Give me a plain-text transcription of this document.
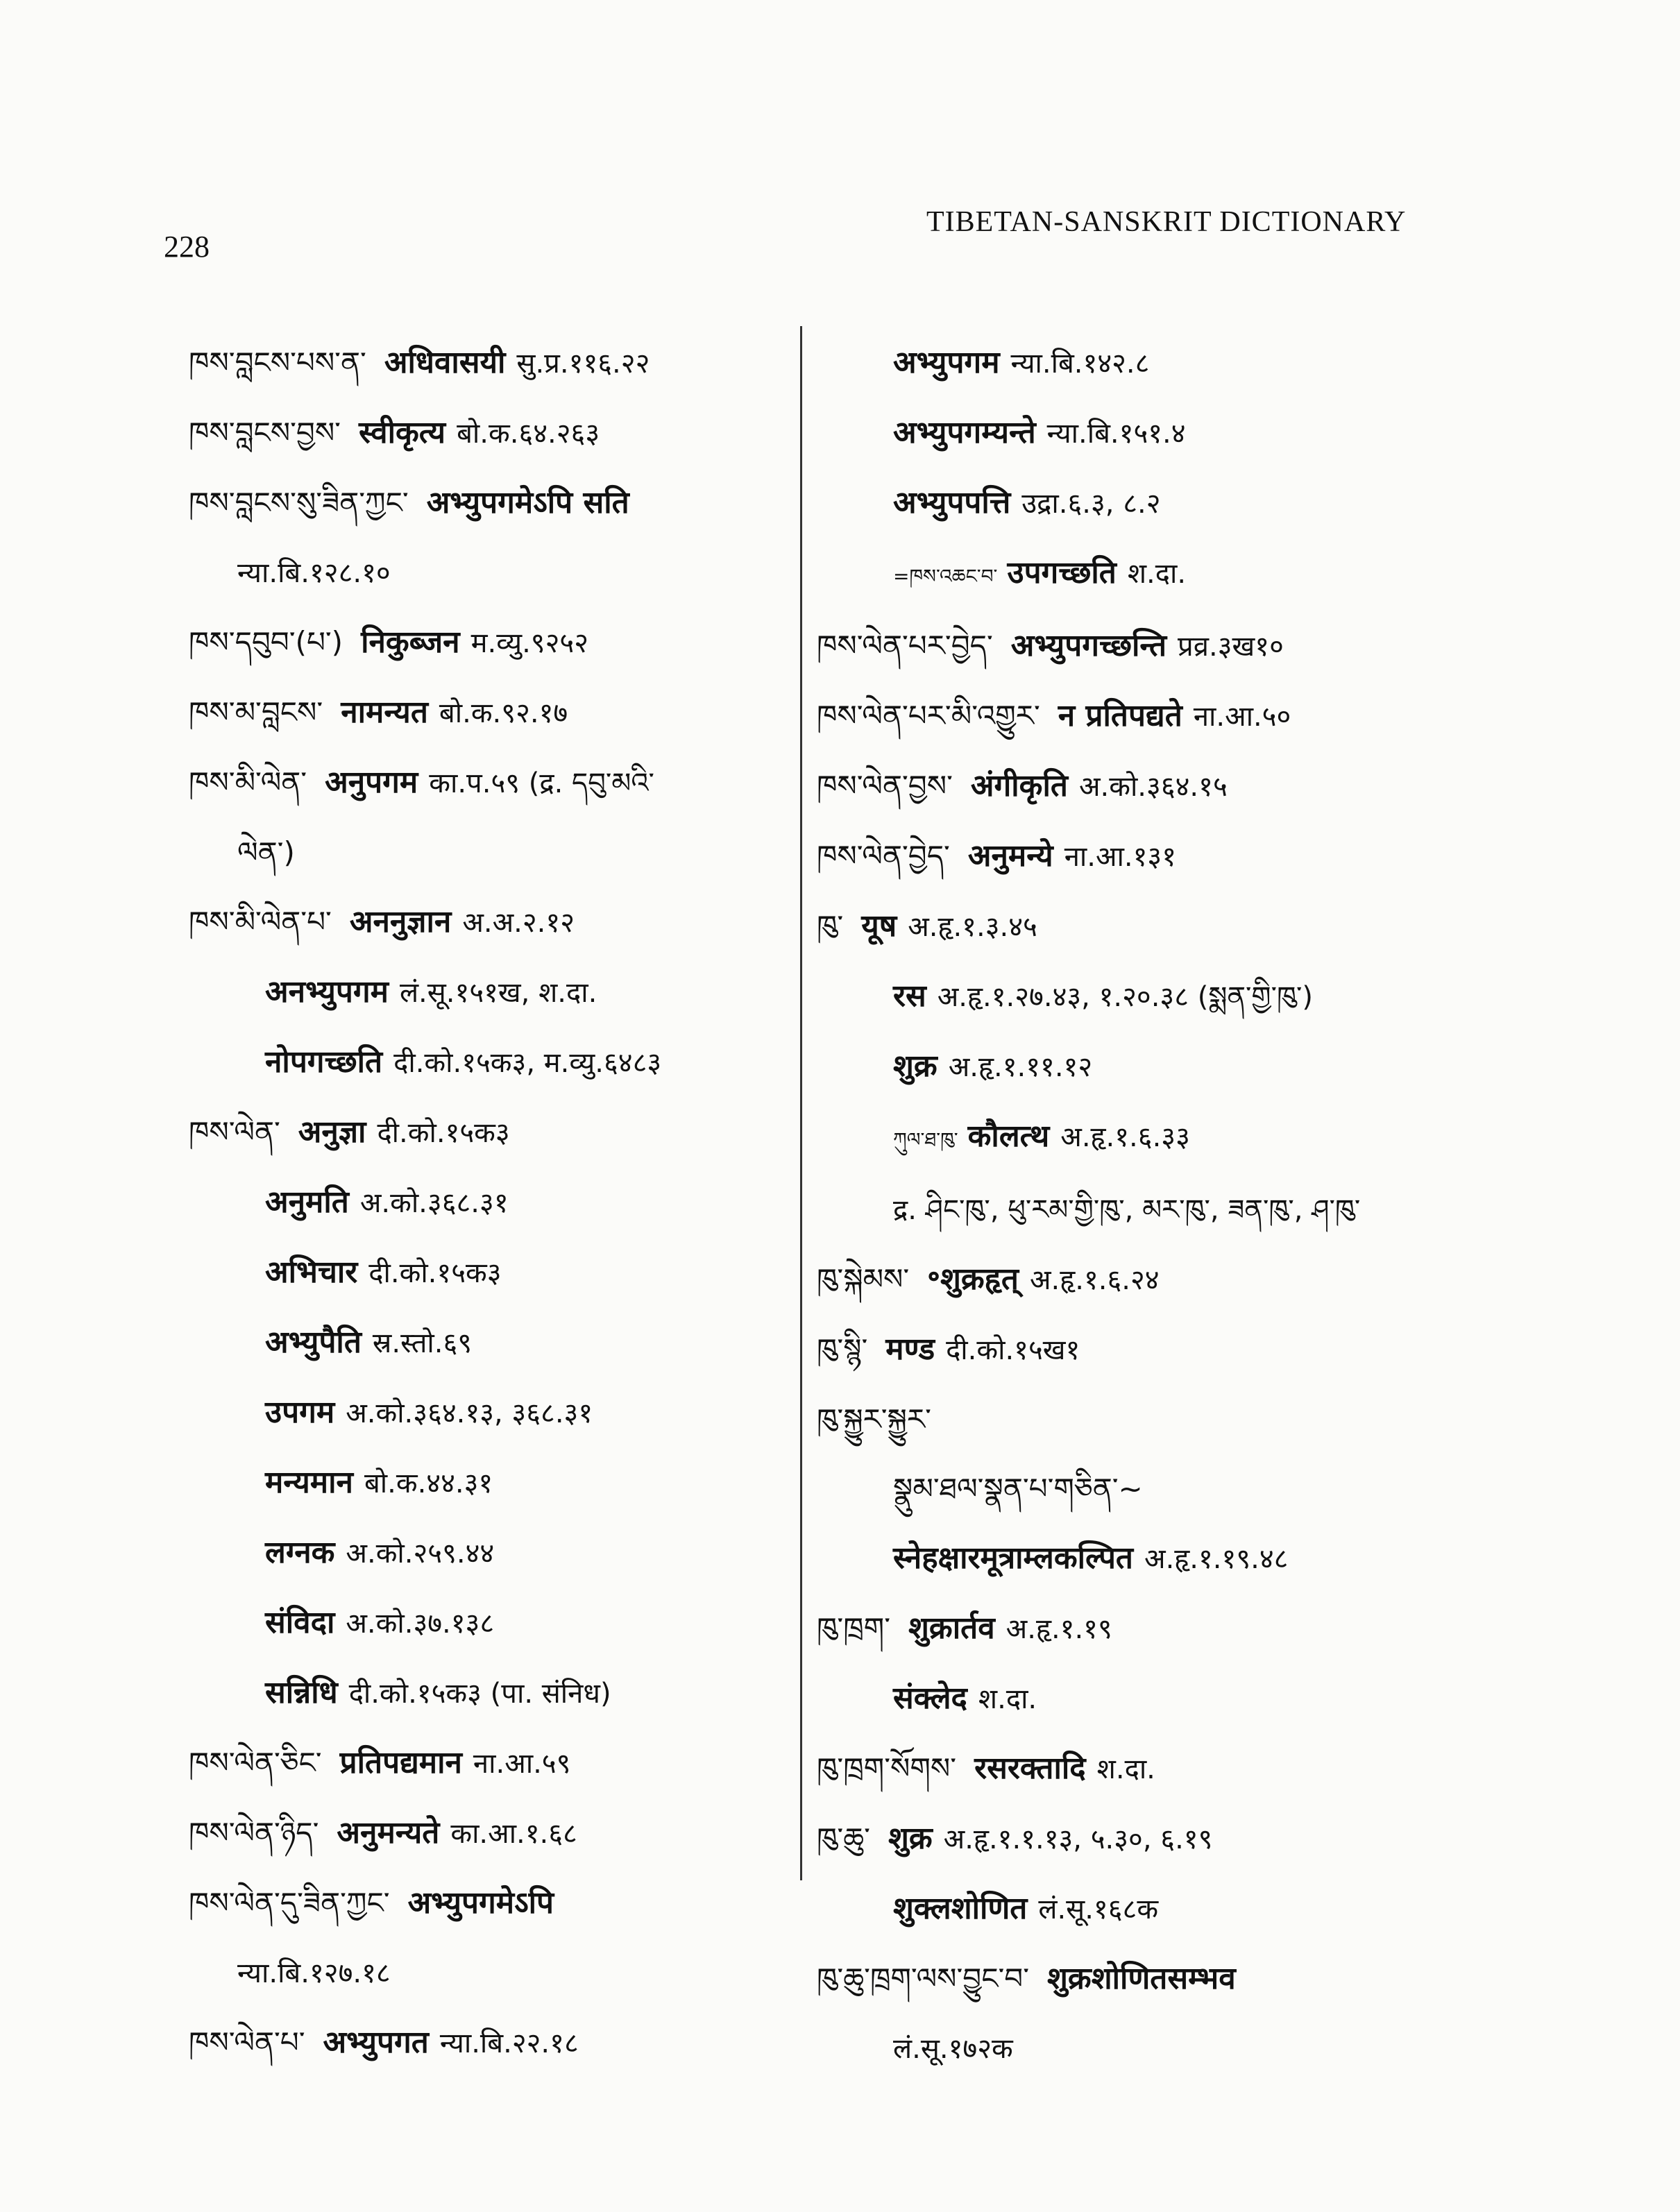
228
TIBETAN-SANSKRIT DICTIONARY
ཁས་བླངས་པས་ན་ अधिवासयी सु.प्र.११६.२२
ཁས་བླངས་བྱས་ स्वीकृत्य बो.क.६४.२६३
ཁས་བླངས་སུ་ཟིན་ཀྱང་ अभ्युपगमेऽपि सति
न्या.बि.१२८.१०
ཁས་དབུབ་(པ་) निकुब्जन म.व्यु.९२५२
ཁས་མ་བླངས་ नामन्यत बो.क.९२.१७
ཁས་མི་ལེན་ अनुपगम का.प.५९ (द्र. དབུ་མའི་
ལེན་)
ཁས་མི་ལེན་པ་ अननुज्ञान अ.अ.२.१२
अनभ्युपगम लं.सू.१५१ख, श.दा.
नोपगच्छति दी.को.१५क३, म.व्यु.६४८३
ཁས་ལེན་ अनुज्ञा दी.को.१५क३
अनुमति अ.को.३६८.३१
अभिचार दी.को.१५क३
अभ्युपैति स्र.स्तो.६९
उपगम अ.को.३६४.१३, ३६८.३१
मन्यमान बो.क.४४.३१
लग्नक अ.को.२५९.४४
संविदा अ.को.३७.१३८
सन्निधि दी.को.१५क३ (पा. संनिध)
ཁས་ལེན་ཅིང་ प्रतिपद्यमान ना.आ.५९
ཁས་ལེན་ཉིད་ अनुमन्यते का.आ.१.६८
ཁས་ལེན་དུ་ཟིན་ཀྱང་ अभ्युपगमेऽपि
न्या.बि.१२७.१८
ཁས་ལེན་པ་ अभ्युपगत न्या.बि.२२.१८
अभ्युपगम न्या.बि.१४२.८
अभ्युपगम्यन्ते न्या.बि.१५१.४
अभ्युपपत्ति उद्रा.६.३, ८.२
=ཁས་འཆང་བ་ उपगच्छति श.दा.
ཁས་ལེན་པར་བྱེད་ अभ्युपगच्छन्ति प्रव्र.३ख१०
ཁས་ལེན་པར་མི་འགྱུར་ न प्रतिपद्यते ना.आ.५०
ཁས་ལེན་བྱས་ अंगीकृति अ.को.३६४.१५
ཁས་ལེན་བྱེད་ अनुमन्ये ना.आ.१३१
ཁུ་ यूष अ.हृ.१.३.४५
रस अ.हृ.१.२७.४३, १.२०.३८ (སྨན་གྱི་ཁུ་)
शुक्र अ.हृ.१.११.१२
ཀུལ་ཐ་ཁུ་ कौलत्थ अ.हृ.१.६.३३
द्र. ཤིང་ཁུ་, ཕུ་རམ་གྱི་ཁུ་, མར་ཁུ་, ཟན་ཁུ་, ཤ་ཁུ་
ཁུ་སྐེམས་ ॰शुक्रहृत् अ.हृ.१.६.२४
ཁུ་སྙི་ मण्ड दी.को.१५ख१
ཁུ་སྐྱུར་སྐྱུར་
སྣུམ་ཐལ་སྣན་པ་གཅིན་~
स्नेहक्षारमूत्राम्लकल्पित अ.हृ.१.१९.४८
ཁུ་ཁྲག་ शुक्रार्तव अ.हृ.१.१९
संक्लेद श.दा.
ཁུ་ཁྲག་སོགས་ रसरक्तादि श.दा.
ཁུ་ཆུ་ शुक्र अ.हृ.१.१.१३, ५.३०, ६.१९
शुक्लशोणित लं.सू.१६८क
ཁུ་ཆུ་ཁྲག་ལས་བྱུང་བ་ शुक्रशोणितसम्भव
लं.सू.१७२क
